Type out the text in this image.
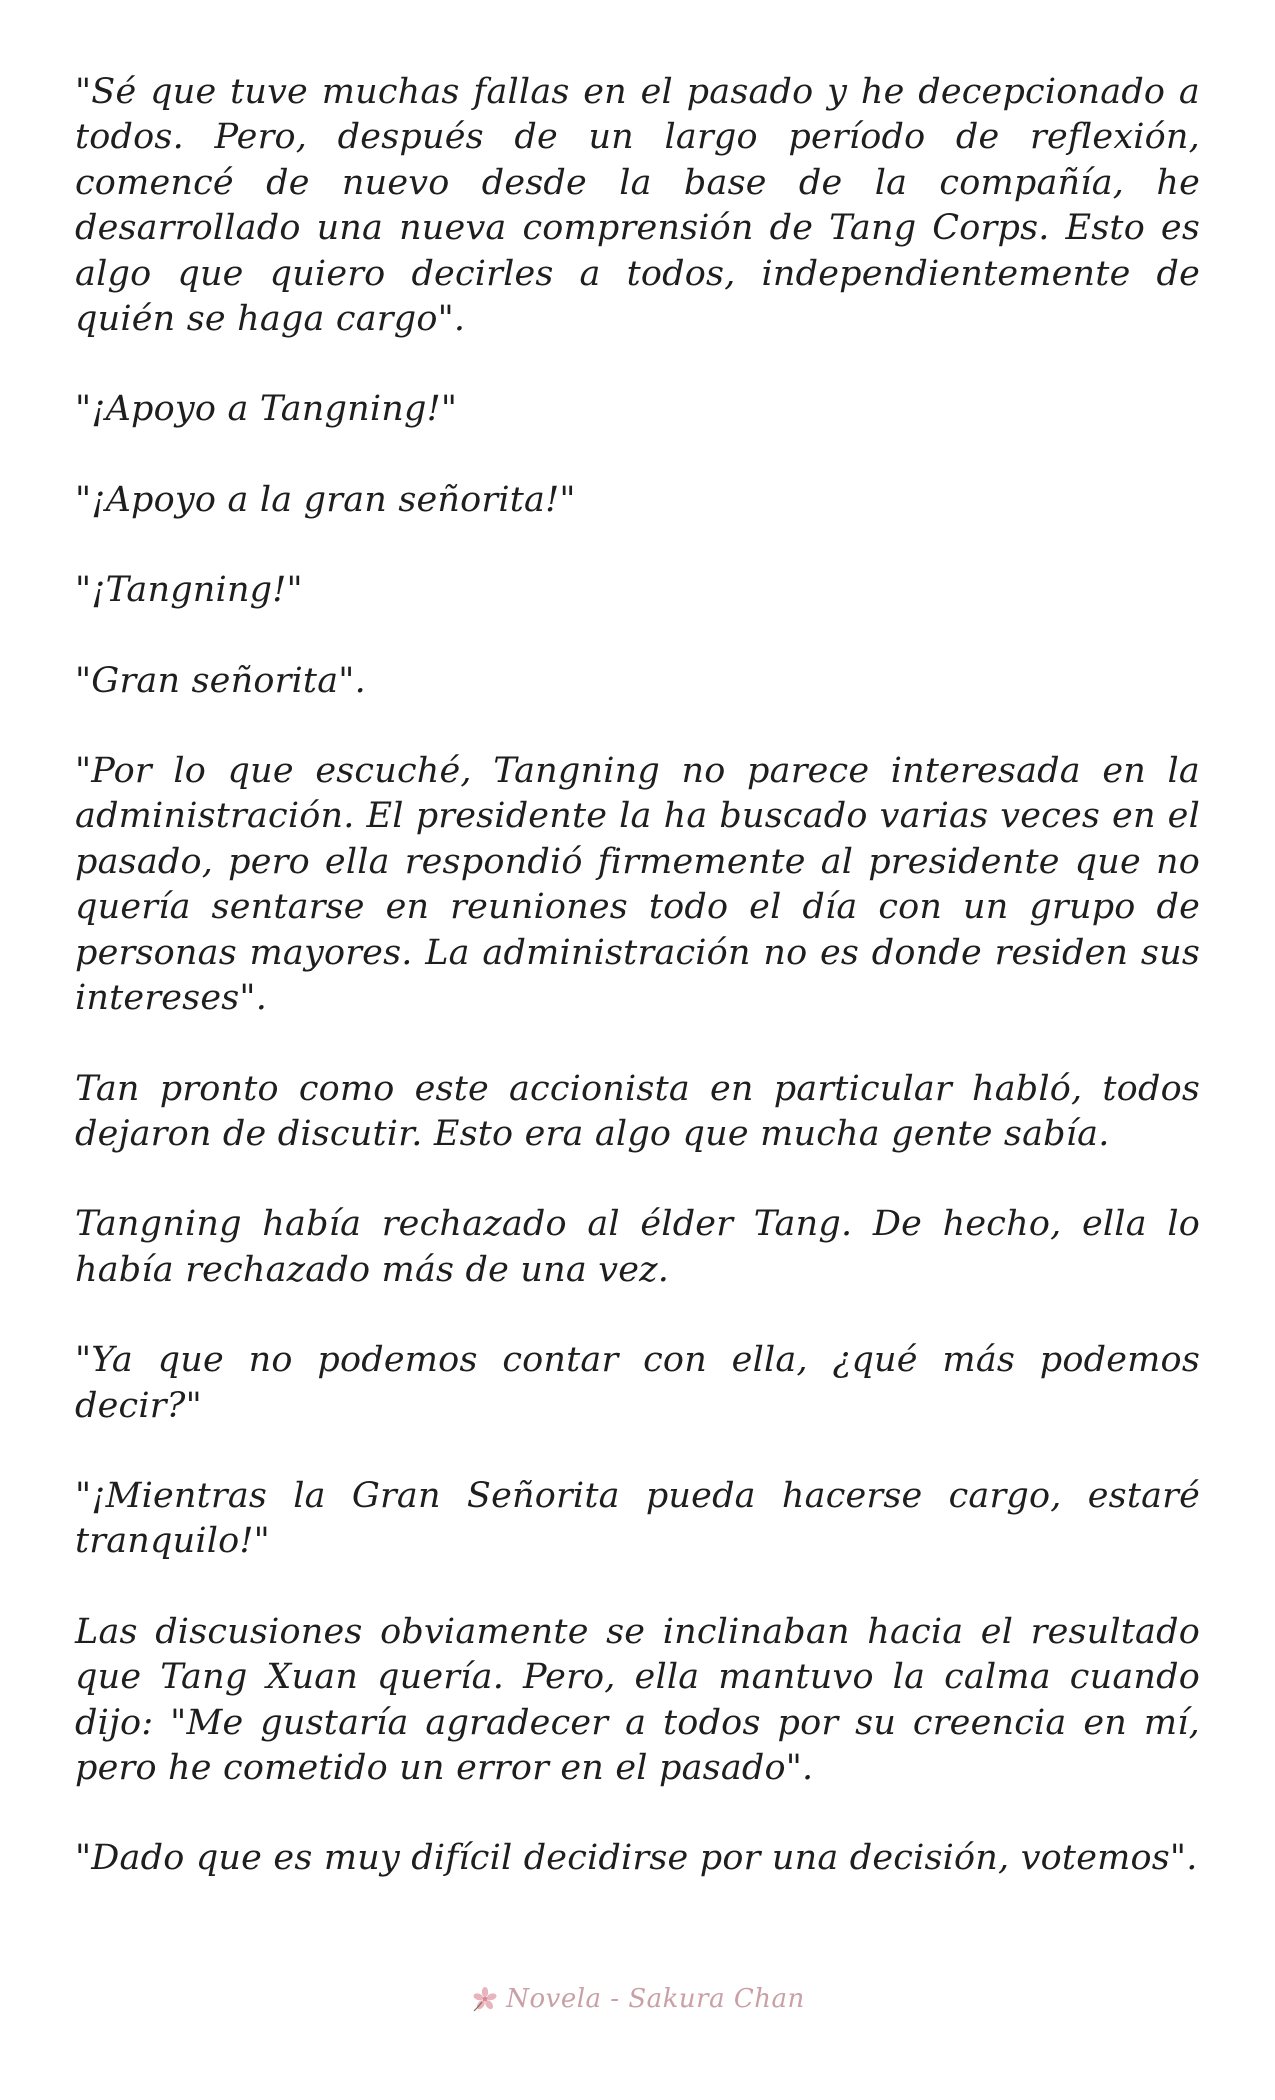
"Sé que tuve muchas fallas en el pasado y he decepcionado a todos. Pero, después de un largo período de reflexión, comencé de nuevo desde la base de la compañía, he desarrollado una nueva comprensión de Tang Corps. Esto es algo que quiero decirles a todos, independientemente de quién se haga cargo".

"¡Apoyo a Tangning!"

"¡Apoyo a la gran señorita!"

"¡Tangning!"

"Gran señorita".

"Por lo que escuché, Tangning no parece interesada en la administración. El presidente la ha buscado varias veces en el pasado, pero ella respondió firmemente al presidente que no quería sentarse en reuniones todo el día con un grupo de personas mayores. La administración no es donde residen sus intereses".

Tan pronto como este accionista en particular habló, todos dejaron de discutir. Esto era algo que mucha gente sabía.

Tangning había rechazado al élder Tang. De hecho, ella lo había rechazado más de una vez.

"Ya que no podemos contar con ella, ¿qué más podemos decir?"

"¡Mientras la Gran Señorita pueda hacerse cargo, estaré tranquilo!"

Las discusiones obviamente se inclinaban hacia el resultado que Tang Xuan quería. Pero, ella mantuvo la calma cuando dijo: "Me gustaría agradecer a todos por su creencia en mí, pero he cometido un error en el pasado".

"Dado que es muy difícil decidirse por una decisión, votemos".

Novela - Sakura Chan
